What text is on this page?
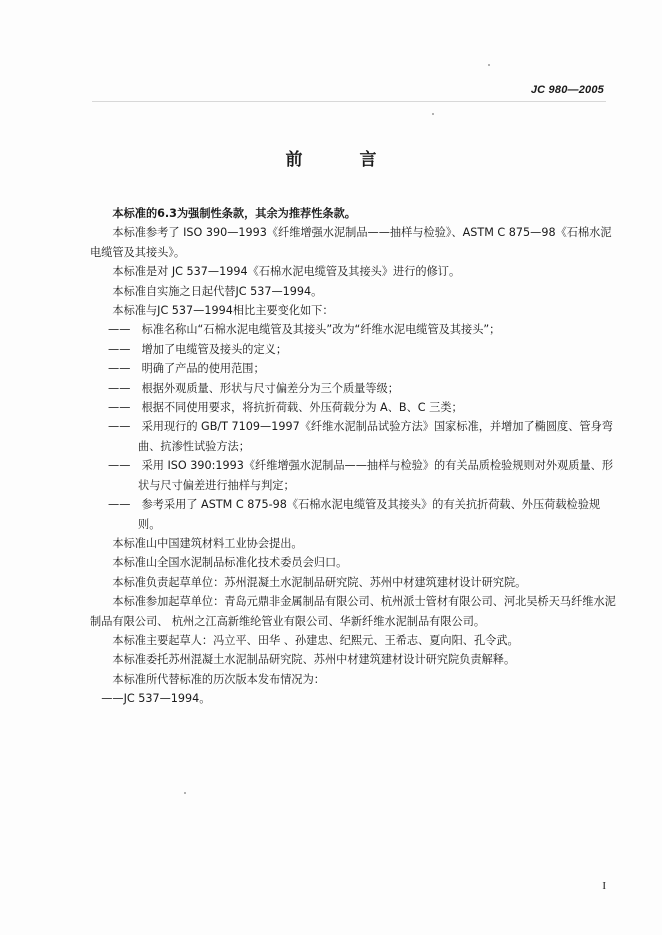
JC 980—2005
前　言

本标准的6.3为强制性条款，其余为推荐性条款。

本标准参考了 ISO 390—1993《纤维增强水泥制品——抽样与检验》、ASTM C 875—98《石棉水泥电缆管及其接头》。

本标准是对 JC 537—1994《石棉水泥电缆管及其接头》进行的修订。

本标准自实施之日起代替JC 537—1994。

本标准与JC 537—1994相比主要变化如下：

——　标准名称山“石棉水泥电缆管及其接头”改为“纤维水泥电缆管及其接头”；

——　增加了电缆管及接头的定义；

——　明确了产品的使用范围；

——　根据外观质量、形状与尺寸偏差分为三个质量等级；

——　根据不同使用要求，将抗折荷载、外压荷载分为 A、B、C 三类；

——　采用现行的 GB/T 7109—1997《纤维水泥制品试验方法》国家标准，并增加了椭圆度、管身弯曲、抗渗性试验方法；

——　采用 ISO 390:1993《纤维增强水泥制品——抽样与检验》的有关品质检验规则对外观质量、形状与尺寸偏差进行抽样与判定；

——　参考采用了 ASTM C 875-98《石棉水泥电缆管及其接头》的有关抗折荷载、外压荷载检验规则。

本标准山中国建筑材料工业协会提出。

本标准山全国水泥制品标准化技术委员会归口。

本标准负责起草单位：苏州混凝土水泥制品研究院、苏州中材建筑建材设计研究院。

本标准参加起草单位：青岛元鼎非金属制品有限公司、杭州派士管材有限公司、河北吴桥天马纤维水泥制品有限公司、 杭州之江高新维纶管业有限公司、华新纤维水泥制品有限公司。

本标准主要起草人：冯立平、田华 、孙建忠、纪熙元、王希志、夏向阳、孔令武。

本标准委托苏州混凝土水泥制品研究院、苏州中材建筑建材设计研究院负责解释。

本标准所代替标准的历次版本发布情况为：

——JC 537—1994。

I
